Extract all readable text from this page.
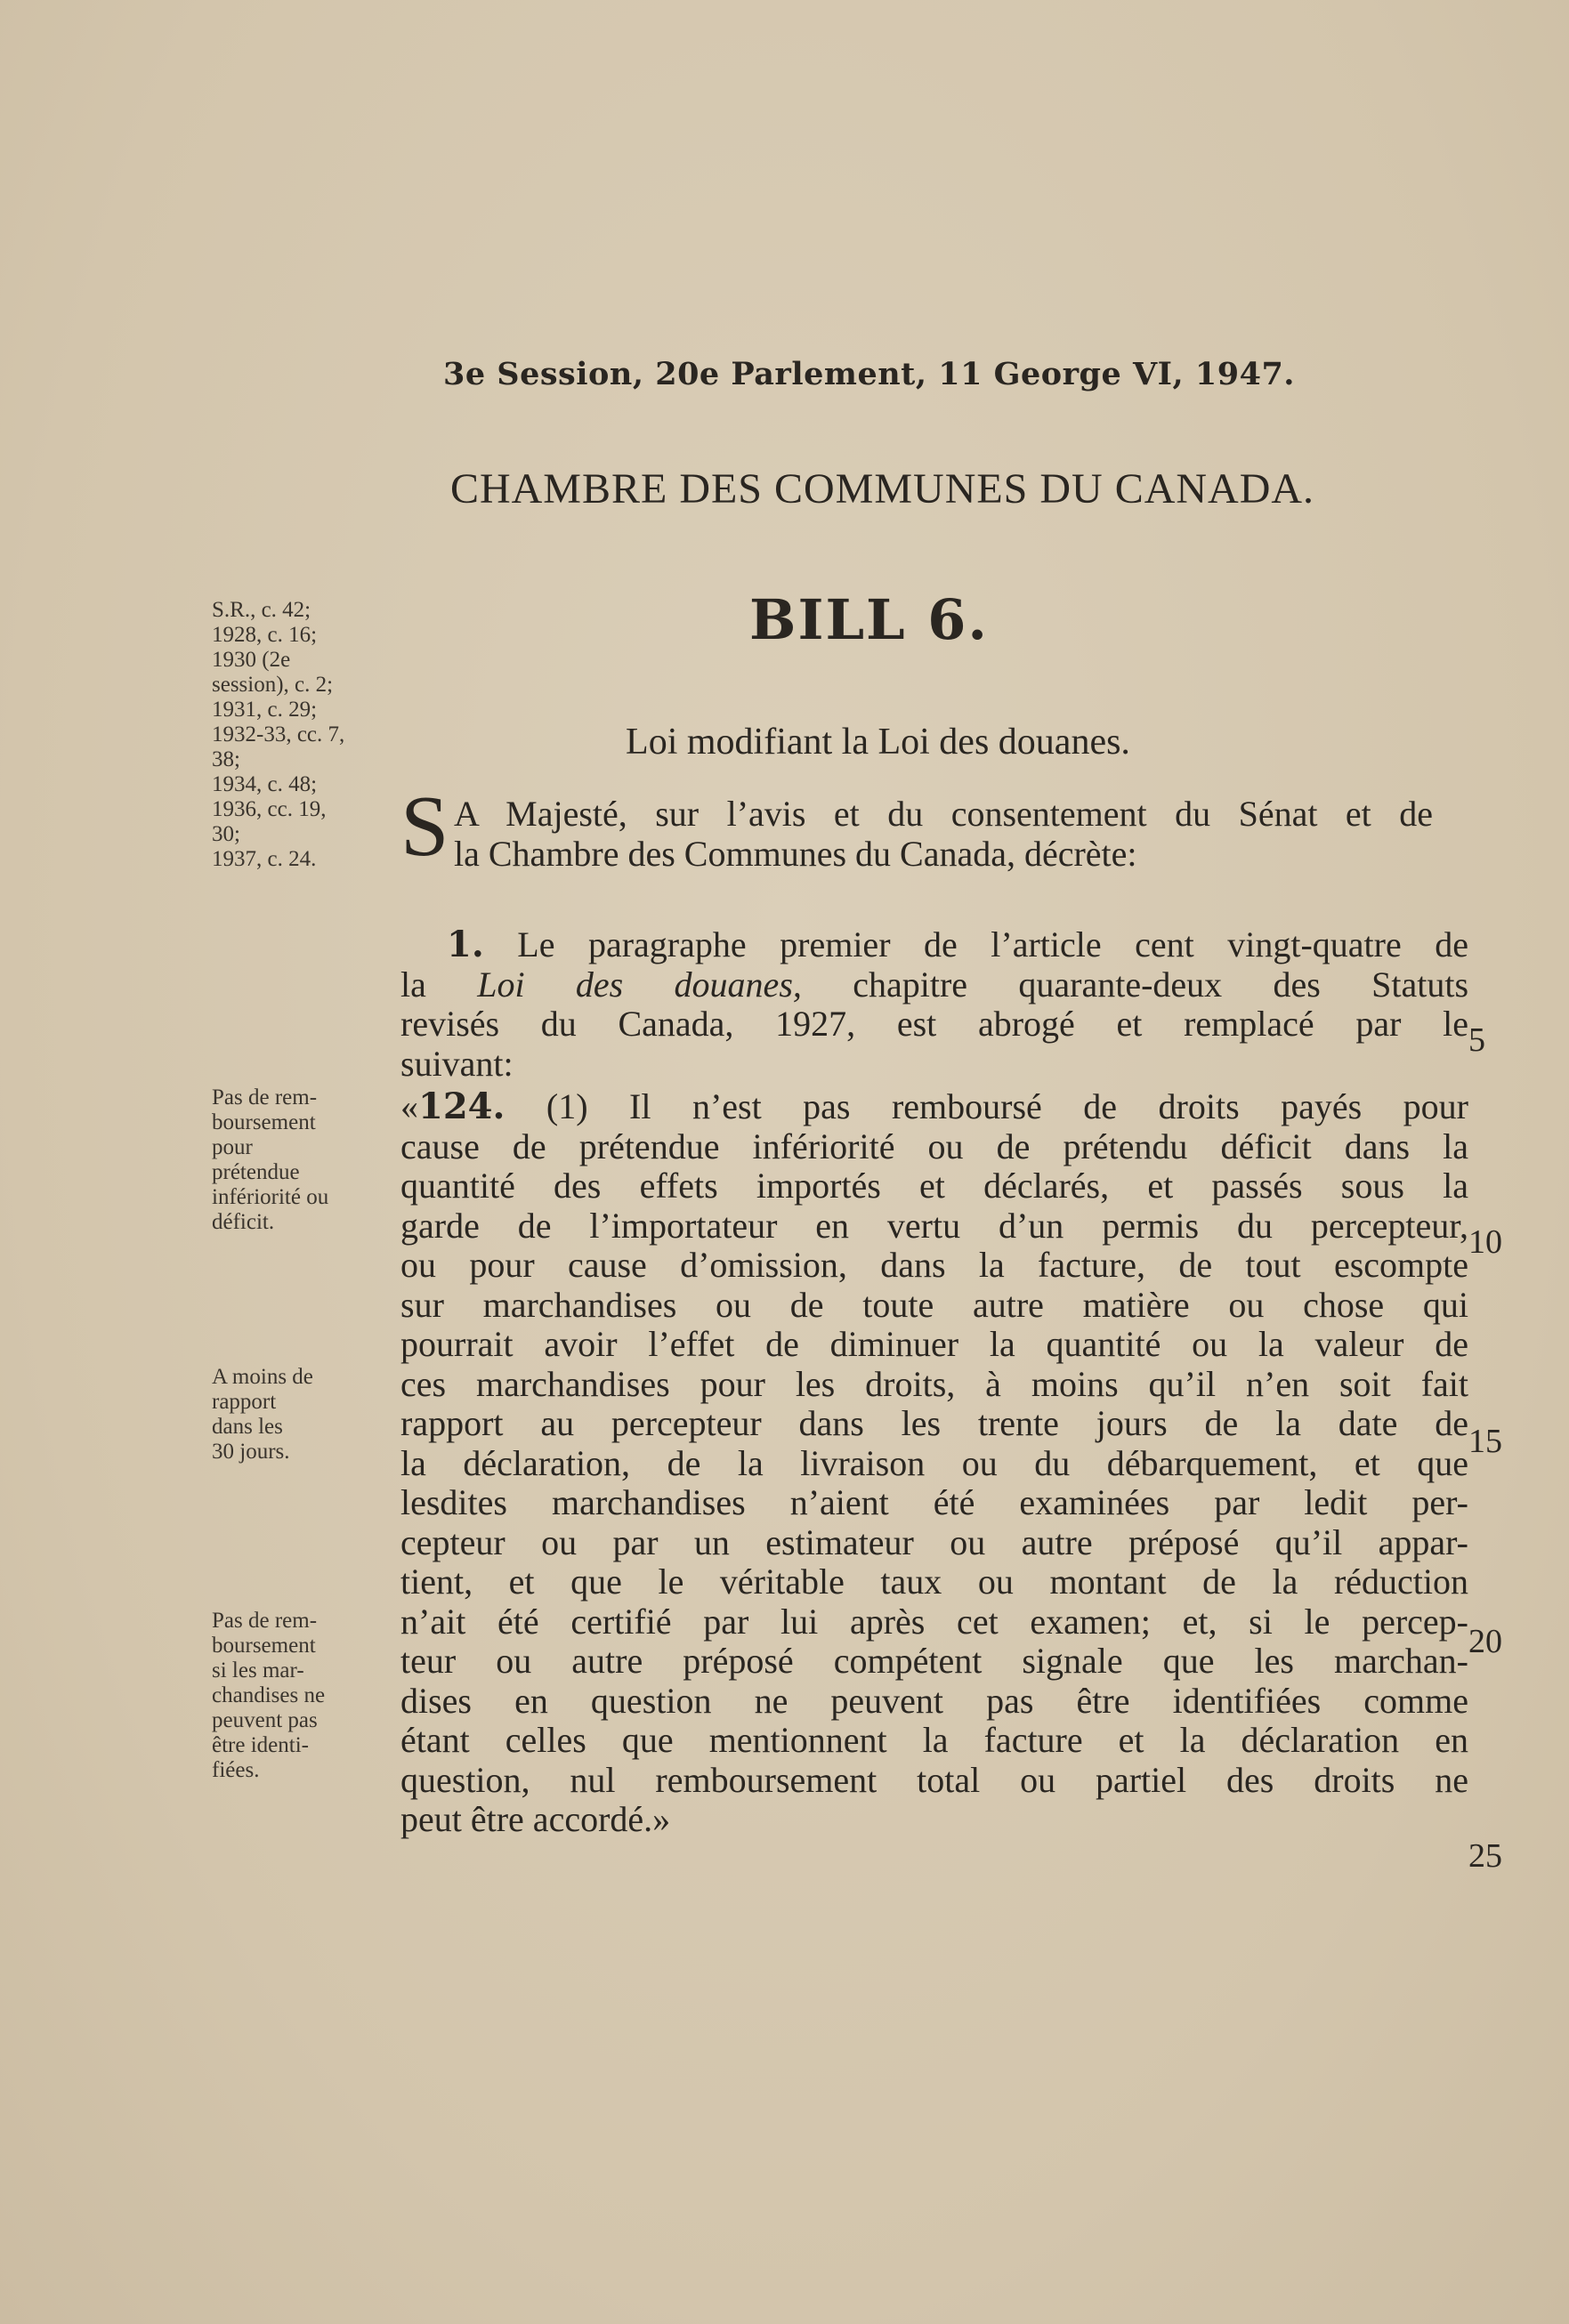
3e Session, 20e Parlement, 11 George VI, 1947.
CHAMBRE DES COMMUNES DU CANADA.
BILL 6.
Loi modifiant la Loi des douanes.
S.R., c. 42;
1928, c. 16;
1930 (2e
session), c. 2;
1931, c. 29;
1932-33, cc. 7,
38;
1934, c. 48;
1936, cc. 19,
30;
1937, c. 24.
Pas de rem-
boursement
pour
prétendue
infériorité ou
déficit.
A moins de
rapport
dans les
30 jours.
Pas de rem-
boursement
si les mar-
chandises ne
peuvent pas
être identi-
fiées.
S A Majesté, sur l’avis et du consentement du Sénat et de
la Chambre des Communes du Canada, décrète:
1. Le paragraphe premier de l’article cent vingt-quatre de
la Loi des douanes, chapitre quarante-deux des Statuts
revisés du Canada, 1927, est abrogé et remplacé par le
suivant:
«124. (1) Il n’est pas remboursé de droits payés pour
cause de prétendue infériorité ou de prétendu déficit dans la
quantité des effets importés et déclarés, et passés sous la
garde de l’importateur en vertu d’un permis du percepteur,
ou pour cause d’omission, dans la facture, de tout escompte
sur marchandises ou de toute autre matière ou chose qui
pourrait avoir l’effet de diminuer la quantité ou la valeur de
ces marchandises pour les droits, à moins qu’il n’en soit fait
rapport au percepteur dans les trente jours de la date de
la déclaration, de la livraison ou du débarquement, et que
lesdites marchandises n’aient été examinées par ledit per-
cepteur ou par un estimateur ou autre préposé qu’il appar-
tient, et que le véritable taux ou montant de la réduction
n’ait été certifié par lui après cet examen; et, si le percep-
teur ou autre préposé compétent signale que les marchan-
dises en question ne peuvent pas être identifiées comme
étant celles que mentionnent la facture et la déclaration en
question, nul remboursement total ou partiel des droits ne
peut être accordé.»
5
10
15
20
25
